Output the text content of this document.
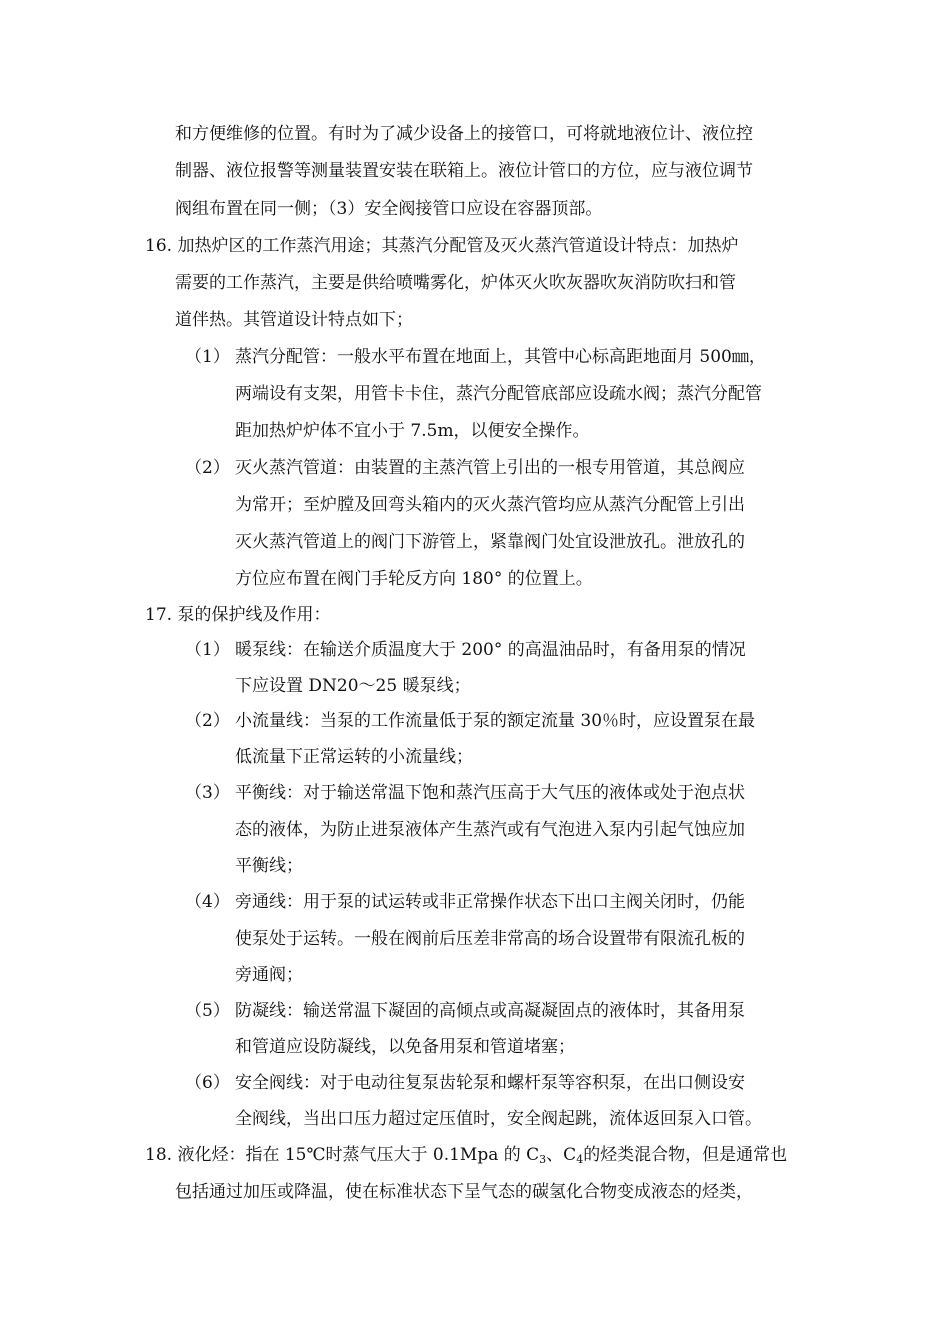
和方便维修的位置。有时为了减少设备上的接管口，可将就地液位计、液位控
制器、液位报警等测量装置安装在联箱上。液位计管口的方位，应与液位调节
阀组布置在同一侧；（3）安全阀接管口应设在容器顶部。
16. 加热炉区的工作蒸汽用途；其蒸汽分配管及灭火蒸汽管道设计特点：加热炉
需要的工作蒸汽，主要是供给喷嘴雾化，炉体灭火吹灰器吹灰消防吹扫和管
道伴热。其管道设计特点如下；
（1） 蒸汽分配管：一般水平布置在地面上，其管中心标高距地面月 500㎜，
两端设有支架，用管卡卡住，蒸汽分配管底部应设疏水阀；蒸汽分配管
距加热炉炉体不宜小于 7.5m，以便安全操作。
（2） 灭火蒸汽管道：由装置的主蒸汽管上引出的一根专用管道，其总阀应
为常开；至炉膛及回弯头箱内的灭火蒸汽管均应从蒸汽分配管上引出
灭火蒸汽管道上的阀门下游管上，紧靠阀门处宜设泄放孔。泄放孔的
方位应布置在阀门手轮反方向 180° 的位置上。
17. 泵的保护线及作用：
（1） 暖泵线：在输送介质温度大于 200° 的高温油品时，有备用泵的情况
下应设置 DN20～25 暖泵线；
（2） 小流量线：当泵的工作流量低于泵的额定流量 30％时，应设置泵在最
低流量下正常运转的小流量线；
（3） 平衡线：对于输送常温下饱和蒸汽压高于大气压的液体或处于泡点状
态的液体，为防止进泵液体产生蒸汽或有气泡进入泵内引起气蚀应加
平衡线；
（4） 旁通线：用于泵的试运转或非正常操作状态下出口主阀关闭时，仍能
使泵处于运转。一般在阀前后压差非常高的场合设置带有限流孔板的
旁通阀；
（5） 防凝线：输送常温下凝固的高倾点或高凝凝固点的液体时，其备用泵
和管道应设防凝线，以免备用泵和管道堵塞；
（6） 安全阀线：对于电动往复泵齿轮泵和螺杆泵等容积泵，在出口侧设安
全阀线，当出口压力超过定压值时，安全阀起跳，流体返回泵入口管。
18. 液化烃：指在 15℃时蒸气压大于 0.1Mpa 的 $C_3$、$C_4$的烃类混合物，但是通常也
包括通过加压或降温，使在标准状态下呈气态的碳氢化合物变成液态的烃类，
